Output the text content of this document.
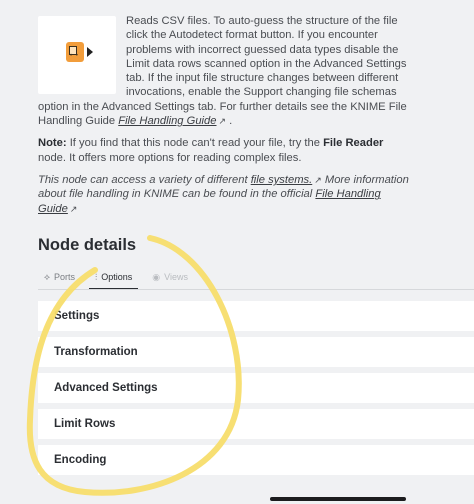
• •

Reads CSV files. To auto-guess the structure of the file click the Autodetect format button. If you encounter problems with incorrect guessed data types disable the Limit data rows scanned option in the Advanced Settings tab. If the input file structure changes between different invocations, enable the Support changing file schemas option in the Advanced Settings tab. For further details see the KNIME File Handling Guide File Handling Guide ↗ .

Note: If you find that this node can't read your file, try the File Reader node. It offers more options for reading complex files.

This node can access a variety of different file systems. ↗ More information about file handling in KNIME can be found in the official File Handling Guide ↗

Node details
⟡ Ports ⫶ Options ◉ Views
Settings
Transformation
Advanced Settings
Limit Rows
Encoding
